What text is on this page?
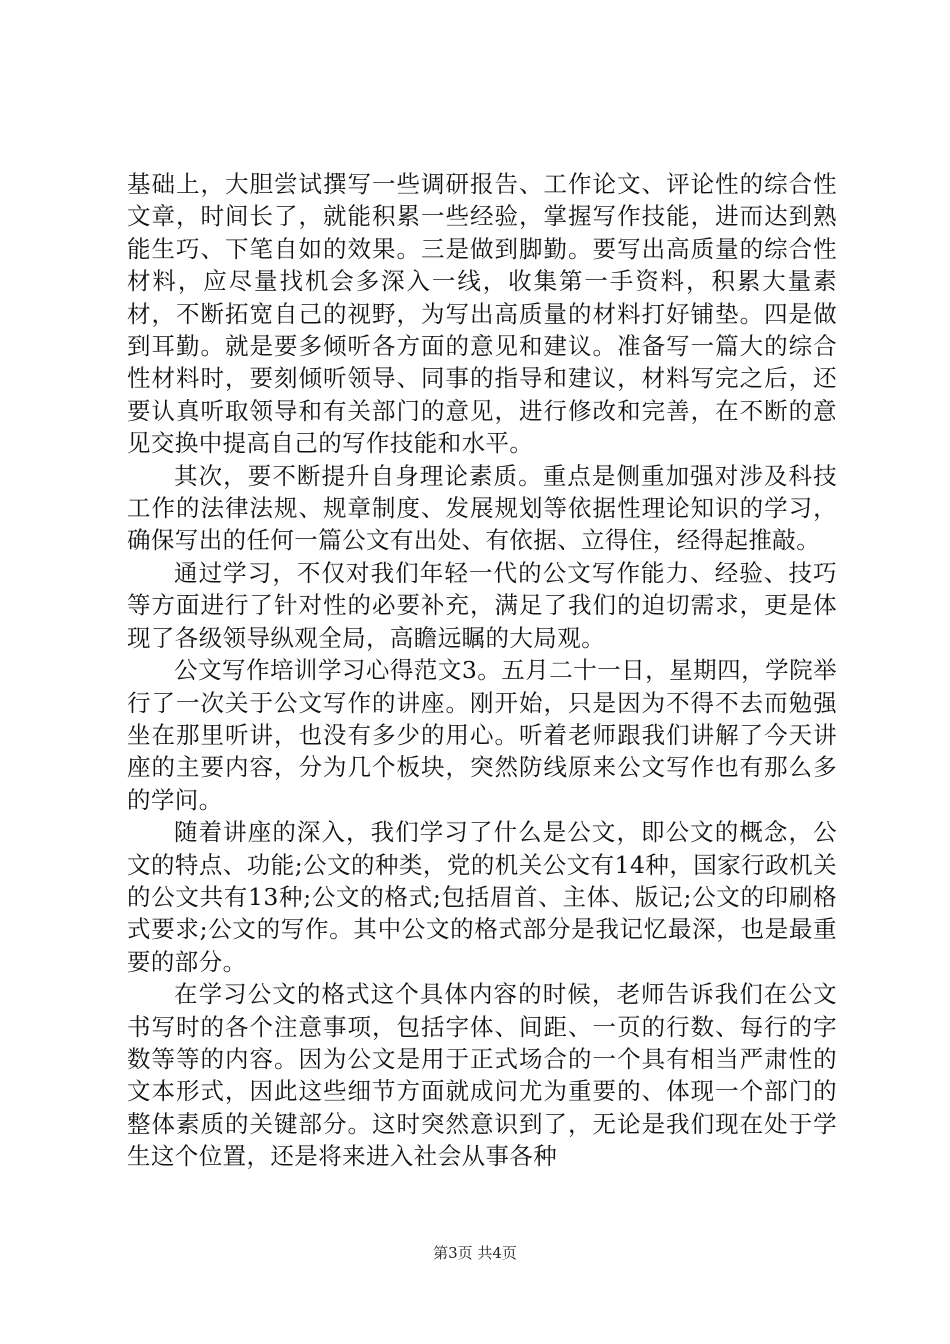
基础上，大胆尝试撰写一些调研报告、工作论文、评论性的综合性文章，时间长了，就能积累一些经验，掌握写作技能，进而达到熟能生巧、下笔自如的效果。三是做到脚勤。要写出高质量的综合性材料，应尽量找机会多深入一线，收集第一手资料，积累大量素材，不断拓宽自己的视野，为写出高质量的材料打好铺垫。四是做到耳勤。就是要多倾听各方面的意见和建议。准备写一篇大的综合性材料时，要刻倾听领导、同事的指导和建议，材料写完之后，还要认真听取领导和有关部门的意见，进行修改和完善，在不断的意见交换中提高自己的写作技能和水平。

其次，要不断提升自身理论素质。重点是侧重加强对涉及科技工作的法律法规、规章制度、发展规划等依据性理论知识的学习，确保写出的任何一篇公文有出处、有依据、立得住，经得起推敲。

通过学习，不仅对我们年轻一代的公文写作能力、经验、技巧等方面进行了针对性的必要补充，满足了我们的迫切需求，更是体现了各级领导纵观全局，高瞻远瞩的大局观。

公文写作培训学习心得范文3。五月二十一日，星期四，学院举行了一次关于公文写作的讲座。刚开始，只是因为不得不去而勉强坐在那里听讲，也没有多少的用心。听着老师跟我们讲解了今天讲座的主要内容，分为几个板块，突然防线原来公文写作也有那么多的学问。

随着讲座的深入，我们学习了什么是公文，即公文的概念，公文的特点、功能;公文的种类，党的机关公文有14种，国家行政机关的公文共有13种;公文的格式;包括眉首、主体、版记;公文的印刷格式要求;公文的写作。其中公文的格式部分是我记忆最深，也是最重要的部分。

在学习公文的格式这个具体内容的时候，老师告诉我们在公文书写时的各个注意事项，包括字体、间距、一页的行数、每行的字数等等的内容。因为公文是用于正式场合的一个具有相当严肃性的文本形式，因此这些细节方面就成问尤为重要的、体现一个部门的整体素质的关键部分。这时突然意识到了，无论是我们现在处于学生这个位置，还是将来进入社会从事各种

第3页 共4页
